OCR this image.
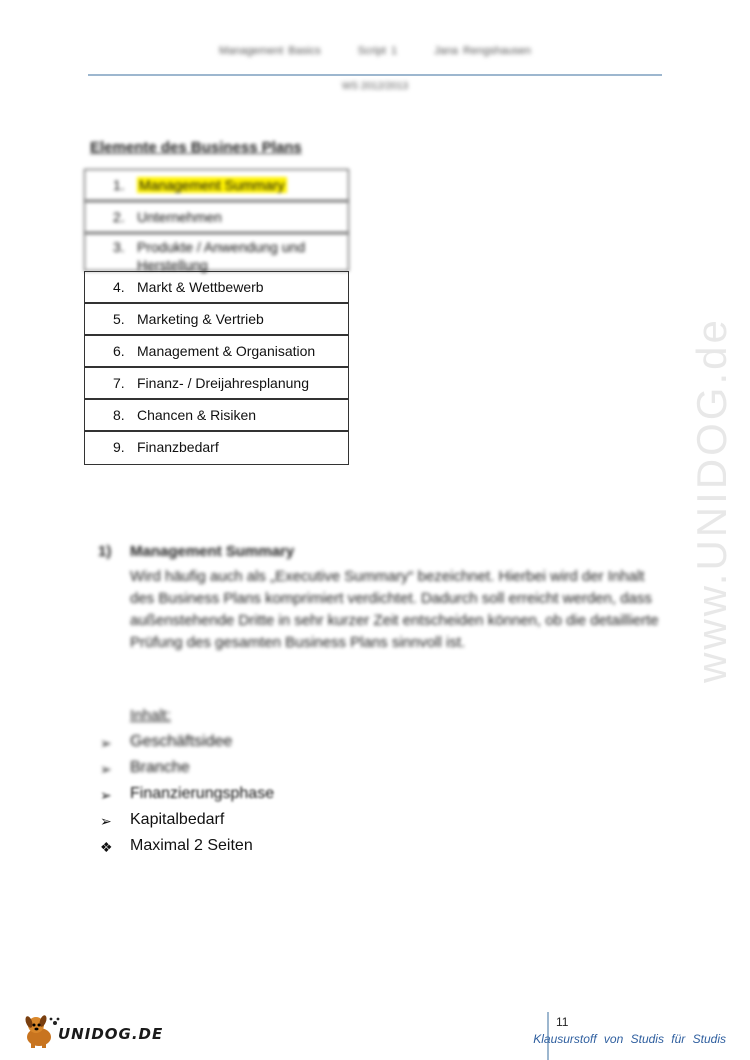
Management Basics	Script 1	Jana Rengshausen
WS 2012/2013
www.UNIDOG.de
Elemente des Business Plans
1. Management Summary
2. Unternehmen
3. Produkte / Anwendung und
Herstellung
4. Markt & Wettbewerb
5. Marketing & Vertrieb
6. Management & Organisation
7. Finanz- / Dreijahresplanung
8. Chancen & Risiken
9. Finanzbedarf
1) Management Summary
Wird häufig auch als „Executive Summary“ bezeichnet. Hierbei wird der Inhalt des Business Plans komprimiert verdichtet. Dadurch soll erreicht werden, dass außenstehende Dritte in sehr kurzer Zeit entscheiden können, ob die detaillierte Prüfung des gesamten Business Plans sinnvoll ist.
Inhalt:
➢	Geschäftsidee
➢	Branche
➢	Finanzierungsphase
➢	Kapitalbedarf
❖	Maximal 2 Seiten
UNIDOG.DE
11
Klausurstoff von Studis für Studis
